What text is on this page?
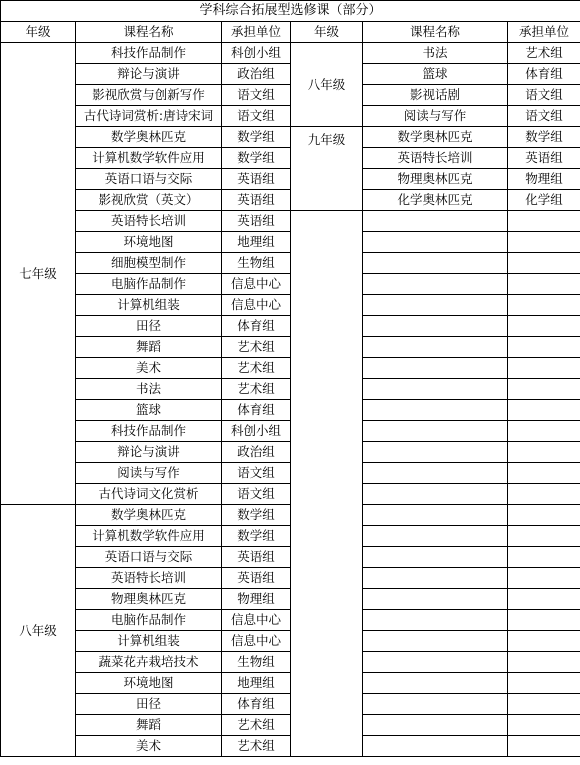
学科综合拓展型选修课（部分）					
年级	课程名称	承担单位	年级	课程名称	承担单位
七年级	科技作品制作	科创小组	八年级	书法	艺术组
	辩论与演讲	政治组		篮球	体育组
	影视欣赏与创新写作	语文组		影视话剧	语文组
	古代诗词赏析:唐诗宋词	语文组		阅读与写作	语文组
	数学奥林匹克	数学组	九年级	数学奥林匹克	数学组
	计算机数学软件应用	数学组		英语特长培训	英语组
	英语口语与交际	英语组		物理奥林匹克	物理组
	影视欣赏（英文）	英语组		化学奥林匹克	化学组
	英语特长培训	英语组			
	环境地图	地理组			
	细胞模型制作	生物组			
	电脑作品制作	信息中心			
	计算机组装	信息中心			
	田径	体育组			
	舞蹈	艺术组			
	美术	艺术组			
	书法	艺术组			
	篮球	体育组			
	科技作品制作	科创小组			
	辩论与演讲	政治组			
	阅读与写作	语文组			
	古代诗词文化赏析	语文组			
八年级	数学奥林匹克	数学组			
	计算机数学软件应用	数学组			
	英语口语与交际	英语组			
	英语特长培训	英语组			
	物理奥林匹克	物理组			
	电脑作品制作	信息中心			
	计算机组装	信息中心			
	蔬菜花卉栽培技术	生物组			
	环境地图	地理组			
	田径	体育组			
	舞蹈	艺术组			
	美术	艺术组			
